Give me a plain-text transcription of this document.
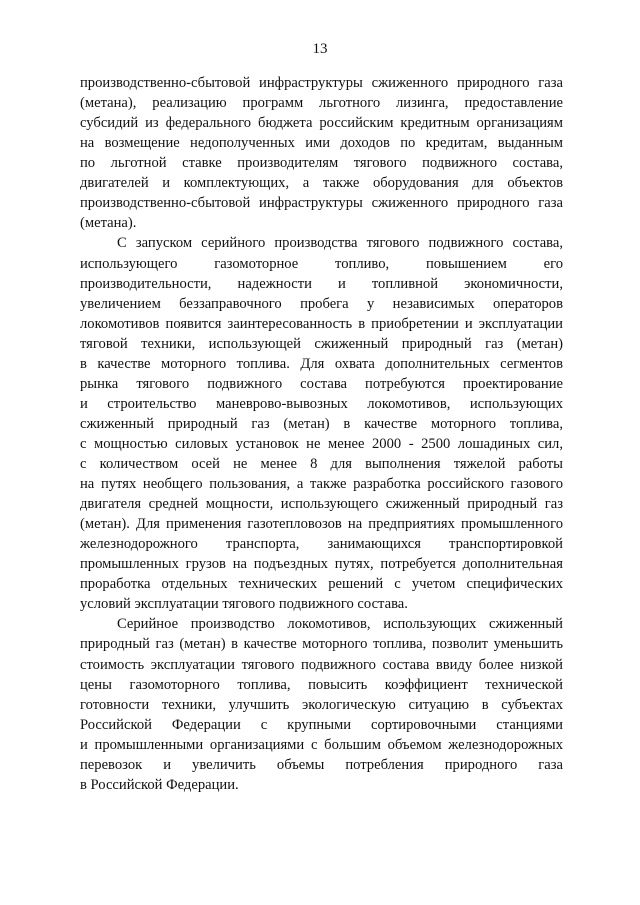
13
производственно-сбытовой инфраструктуры сжиженного природного газа
(метана), реализацию программ льготного лизинга, предоставление
субсидий из федерального бюджета российским кредитным организациям
на возмещение недополученных ими доходов по кредитам, выданным
по льготной ставке производителям тягового подвижного состава,
двигателей и комплектующих, а также оборудования для объектов
производственно-сбытовой инфраструктуры сжиженного природного газа
(метана).
С запуском серийного производства тягового подвижного состава,
использующего газомоторное топливо, повышением его
производительности, надежности и топливной экономичности,
увеличением беззаправочного пробега у независимых операторов
локомотивов появится заинтересованность в приобретении и эксплуатации
тяговой техники, использующей сжиженный природный газ (метан)
в качестве моторного топлива. Для охвата дополнительных сегментов
рынка тягового подвижного состава потребуются проектирование
и строительство маневрово-вывозных локомотивов, использующих
сжиженный природный газ (метан) в качестве моторного топлива,
с мощностью силовых установок не менее 2000 - 2500 лошадиных сил,
с количеством осей не менее 8 для выполнения тяжелой работы
на путях необщего пользования, а также разработка российского газового
двигателя средней мощности, использующего сжиженный природный газ
(метан). Для применения газотепловозов на предприятиях промышленного
железнодорожного транспорта, занимающихся транспортировкой
промышленных грузов на подъездных путях, потребуется дополнительная
проработка отдельных технических решений с учетом специфических
условий эксплуатации тягового подвижного состава.
Серийное производство локомотивов, использующих сжиженный
природный газ (метан) в качестве моторного топлива, позволит уменьшить
стоимость эксплуатации тягового подвижного состава ввиду более низкой
цены газомоторного топлива, повысить коэффициент технической
готовности техники, улучшить экологическую ситуацию в субъектах
Российской Федерации с крупными сортировочными станциями
и промышленными организациями с большим объемом железнодорожных
перевозок и увеличить объемы потребления природного газа
в Российской Федерации.
